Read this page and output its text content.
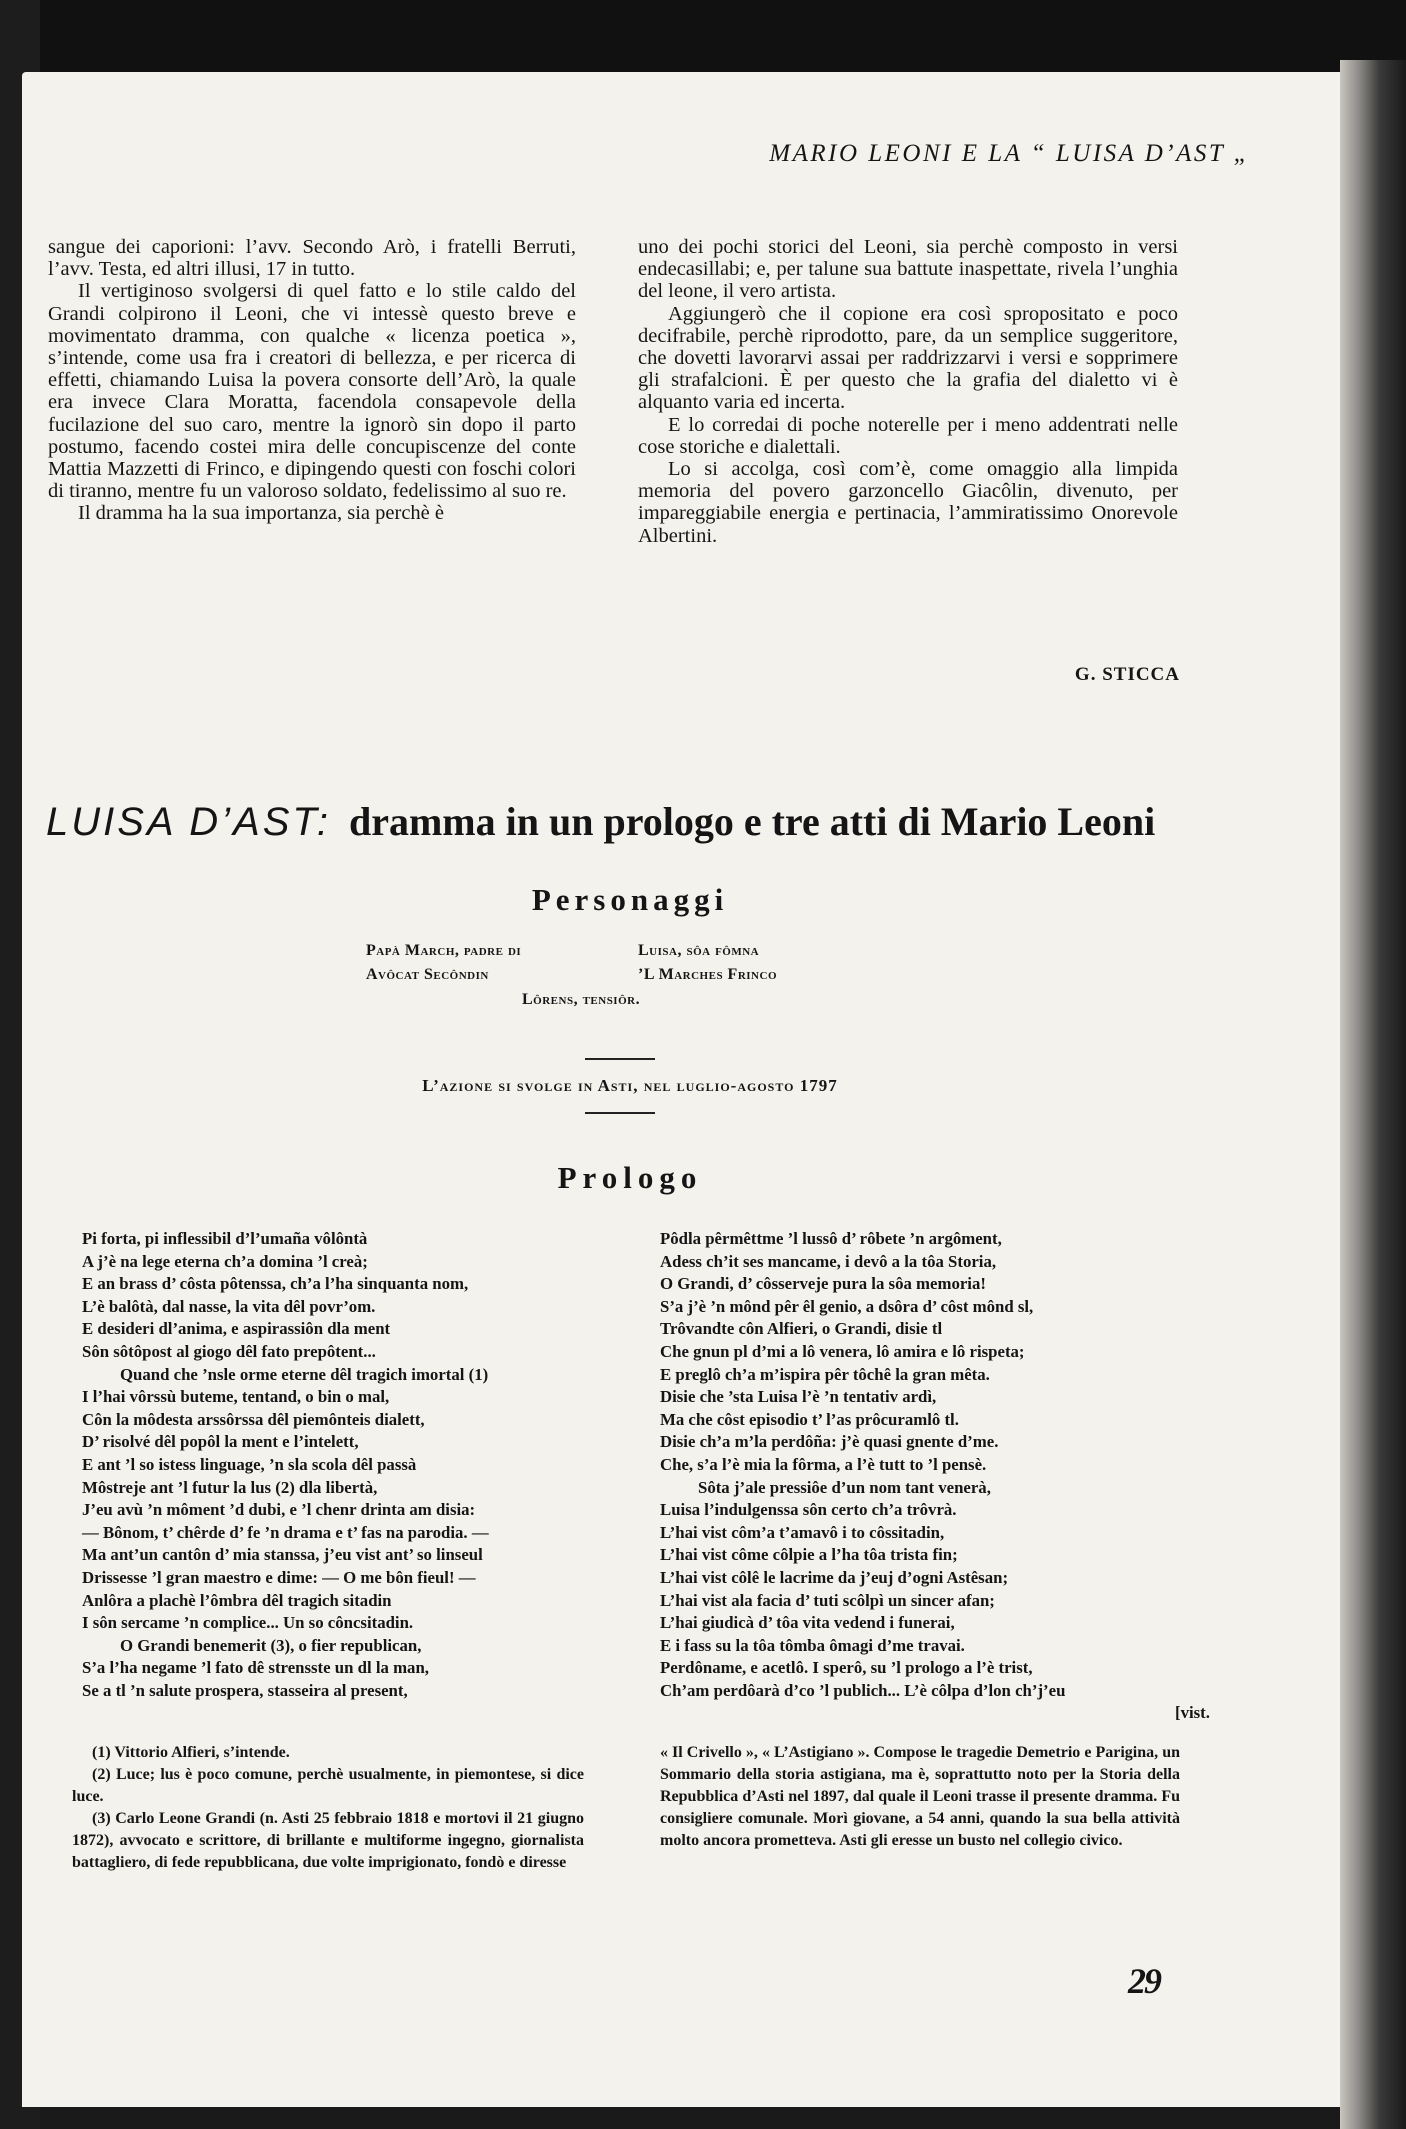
MARIO LEONI E LA “ LUISA D’AST „

sangue dei caporioni: l’avv. Secondo Arò, i fratelli Berruti, l’avv. Testa, ed altri illusi, 17 in tutto.

Il vertiginoso svolgersi di quel fatto e lo stile caldo del Grandi colpirono il Leoni, che vi intessè questo breve e movimentato dramma, con qualche « licenza poetica », s’intende, come usa fra i creatori di bellezza, e per ricerca di effetti, chiamando Luisa la povera consorte dell’Arò, la quale era invece Clara Moratta, facendola consapevole della fucilazione del suo caro, mentre la ignorò sin dopo il parto postumo, facendo costei mira delle concupiscenze del conte Mattia Mazzetti di Frinco, e dipingendo questi con foschi colori di tiranno, mentre fu un valoroso soldato, fedelissimo al suo re.

Il dramma ha la sua importanza, sia perchè è

uno dei pochi storici del Leoni, sia perchè composto in versi endecasillabi; e, per talune sua battute inaspettate, rivela l’unghia del leone, il vero artista.

Aggiungerò che il copione era così spropositato e poco decifrabile, perchè riprodotto, pare, da un semplice suggeritore, che dovetti lavorarvi assai per raddrizzarvi i versi e sopprimere gli strafalcioni. È per questo che la grafia del dialetto vi è alquanto varia ed incerta.

E lo corredai di poche noterelle per i meno addentrati nelle cose storiche e dialettali.

Lo si accolga, così com’è, come omaggio alla limpida memoria del povero garzoncello Giacôlin, divenuto, per impareggiabile energia e pertinacia, l’ammiratissimo Onorevole Albertini.

G. STICCA
LUISA D’AST: dramma in un prologo e tre atti di Mario Leoni
Personaggi
Papà March, padre di	Luisa, sôa fômna
Avôcat Secôndin	’L Marches Frinco
Lôrens, tensiôr.
L’azione si svolge in Asti, nel luglio-agosto 1797
Prologo
Pi forta, pi inflessibil d’l’umaña vôlôntà
A j’è na lege eterna ch’a domina ’l creà;
E an brass d’ côsta pôtenssa, ch’a l’ha sinquanta nom,
L’è balôtà, dal nasse, la vita dêl povr’om.
E desideri dl’anima, e aspirassiôn dla ment
Sôn sôtôpost al giogo dêl fato prepôtent...
Quand che ’nsle orme eterne dêl tragich imortal (1)
I l’hai vôrssù buteme, tentand, o bin o mal,
Côn la môdesta arssôrssa dêl piemônteis dialett,
D’ risolvé dêl popôl la ment e l’intelett,
E ant ’l so istess linguage, ’n sla scola dêl passà
Môstreje ant ’l futur la lus (2) dla libertà,
J’eu avù ’n môment ’d dubi, e ’l chenr drinta am disia:
— Bônom, t’ chêrde d’ fe ’n drama e t’ fas na parodia. —
Ma ant’un cantôn d’ mia stanssa, j’eu vist ant’ so linseul
Drissesse ’l gran maestro e dime: — O me bôn fieul! —
Anlôra a plachè l’ômbra dêl tragich sitadin
I sôn sercame ’n complice... Un so côncsitadin.
O Grandi benemerit (3), o fier republican,
S’a l’ha negame ’l fato dê strensste un dl la man,
Se a tl ’n salute prospera, stasseira al present,
Pôdla pêrmêttme ’l lussô d’ rôbete ’n argôment,
Adess ch’it ses mancame, i devô a la tôa Storia,
O Grandi, d’ côsserveje pura la sôa memoria!
S’a j’è ’n mônd pêr êl genio, a dsôra d’ côst mônd sl,
Trôvandte côn Alfieri, o Grandi, disie tl
Che gnun pl d’mi a lô venera, lô amira e lô rispeta;
E preglô ch’a m’ispira pêr tôchê la gran mêta.
Disie che ’sta Luisa l’è ’n tentativ ardì,
Ma che côst episodio t’ l’as prôcuramlô tl.
Disie ch’a m’la perdôña: j’è quasi gnente d’me.
Che, s’a l’è mia la fôrma, a l’è tutt to ’l pensè.
Sôta j’ale pressiôe d’un nom tant venerà,
Luisa l’indulgenssa sôn certo ch’a trôvrà.
L’hai vist côm’a t’amavô i to côssitadin,
L’hai vist côme côlpie a l’ha tôa trista fin;
L’hai vist côlê le lacrime da j’euj d’ogni Astêsan;
L’hai vist ala facia d’ tuti scôlpì un sincer afan;
L’hai giudicà d’ tôa vita vedend i funerai,
E i fass su la tôa tômba ômagi d’me travai.
Perdôname, e acetlô. I sperô, su ’l prologo a l’è trist,
Ch’am perdôarà d’co ’l publich... L’è côlpa d’lon ch’j’eu
[vist.

(1) Vittorio Alfieri, s’intende.

(2) Luce; lus è poco comune, perchè usualmente, in piemontese, si dice luce.

(3) Carlo Leone Grandi (n. Asti 25 febbraio 1818 e mortovi il 21 giugno 1872), avvocato e scrittore, di brillante e multiforme ingegno, giornalista battagliero, di fede repubblicana, due volte imprigionato, fondò e diresse

« Il Crivello », « L’Astigiano ». Compose le tragedie Demetrio e Parigina, un Sommario della storia astigiana, ma è, soprattutto noto per la Storia della Repubblica d’Asti nel 1897, dal quale il Leoni trasse il presente dramma. Fu consigliere comunale. Morì giovane, a 54 anni, quando la sua bella attività molto ancora prometteva. Asti gli eresse un busto nel collegio civico.

29
